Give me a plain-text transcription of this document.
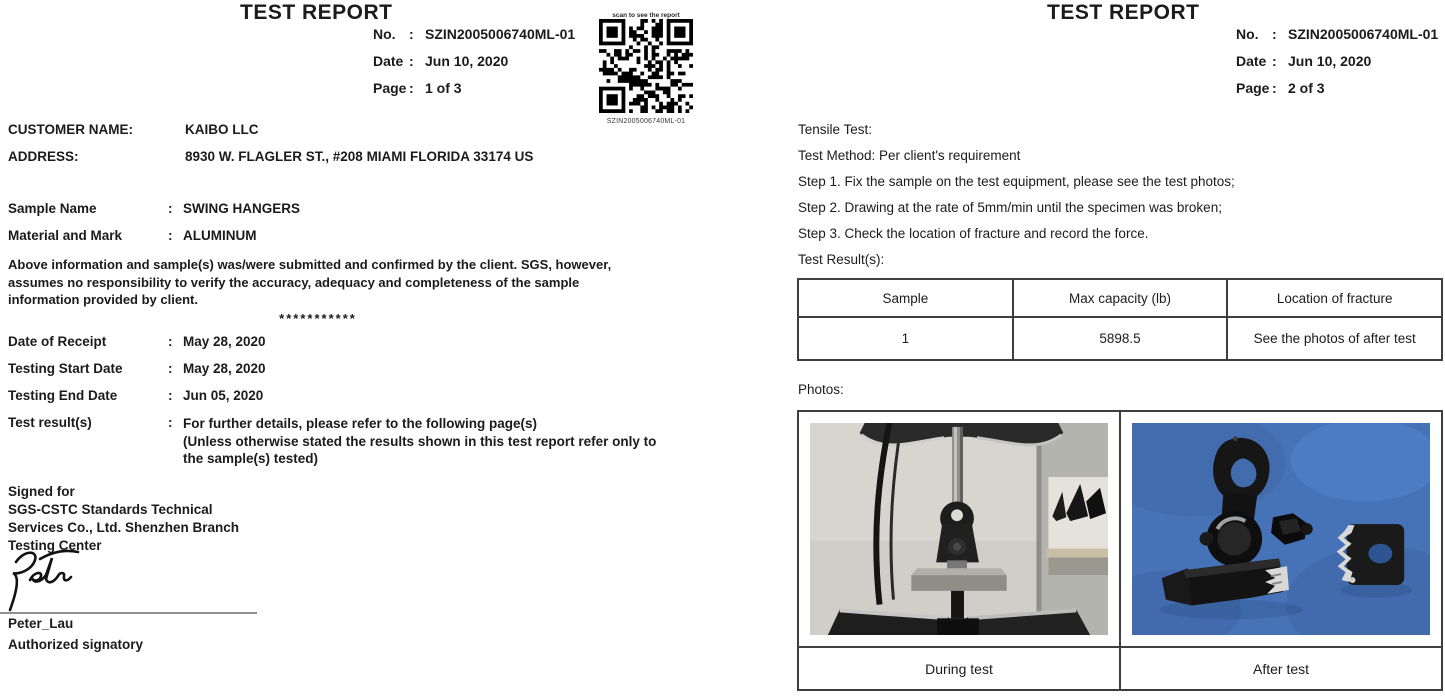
TEST REPORT
No. : SZIN2005006740ML-01
Date : Jun 10, 2020
Page : 1 of 3
scan to see the report
SZIN2005006740ML-01
CUSTOMER NAME:	KAIBO LLC
ADDRESS:	8930 W. FLAGLER ST., #208 MIAMI FLORIDA 33174 US
Sample Name	: SWING HANGERS
Material and Mark	: ALUMINUM
Above information and sample(s) was/were submitted and confirmed by the client. SGS, however,
assumes no responsibility to verify the accuracy, adequacy and completeness of the sample
information provided by client.
***********
Date of Receipt	: May 28, 2020
Testing Start Date	: May 28, 2020
Testing End Date	: Jun 05, 2020
Test result(s)	: For further details, please refer to the following page(s)
(Unless otherwise stated the results shown in this test report refer only to
the sample(s) tested)
Signed for
SGS-CSTC Standards Technical
Services Co., Ltd. Shenzhen Branch
Testing Center
Peter_Lau
Authorized signatory
TEST REPORT
No. : SZIN2005006740ML-01
Date : Jun 10, 2020
Page : 2 of 3
Tensile Test:
Test Method: Per client's requirement
Step 1. Fix the sample on the test equipment, please see the test photos;
Step 2. Drawing at the rate of 5mm/min until the specimen was broken;
Step 3. Check the location of fracture and record the force.
Test Result(s):
Sample	Max capacity (lb)	Location of fracture
1	5898.5	See the photos of after test
Photos:
During test	After test
